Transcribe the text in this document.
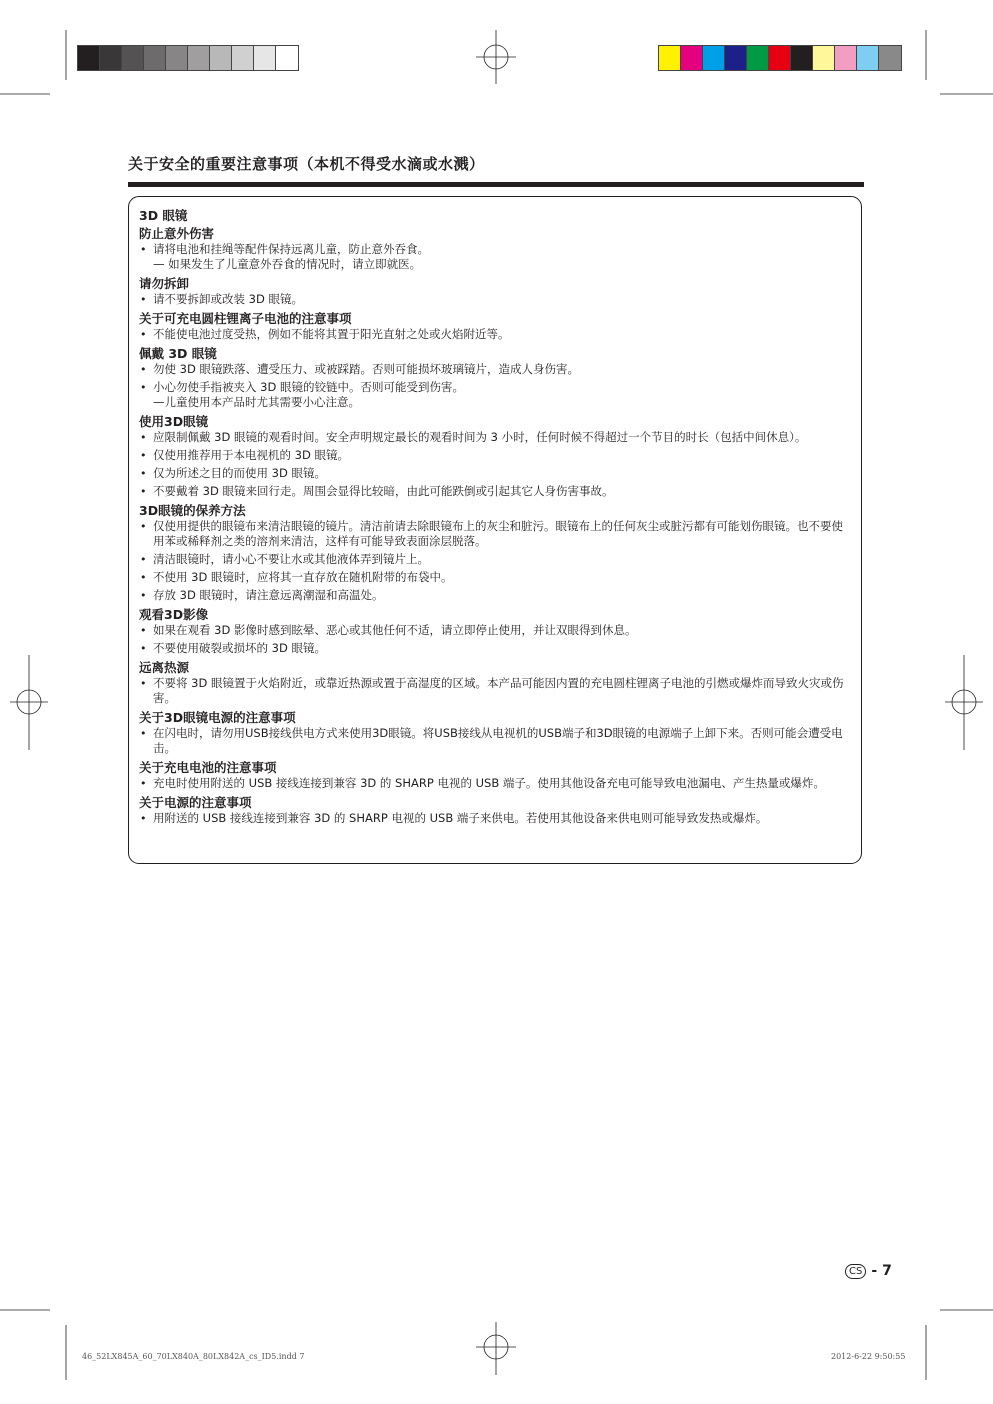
关于安全的重要注意事项（本机不得受水滴或水溅）
3D 眼镜
防止意外伤害
• 请将电池和挂绳等配件保持远离儿童，防止意外吞食。
— 如果发生了儿童意外吞食的情况时，请立即就医。
请勿拆卸
• 请不要拆卸或改装 3D 眼镜。
关于可充电圆柱锂离子电池的注意事项
• 不能使电池过度受热，例如不能将其置于阳光直射之处或火焰附近等。
佩戴 3D 眼镜
• 勿使 3D 眼镜跌落、遭受压力、或被踩踏。否则可能损坏玻璃镜片，造成人身伤害。
• 小心勿使手指被夹入 3D 眼镜的铰链中。否则可能受到伤害。
—儿童使用本产品时尤其需要小心注意。
使用3D眼镜
• 应限制佩戴 3D 眼镜的观看时间。安全声明规定最长的观看时间为 3 小时，任何时候不得超过一个节目的时长（包括中间休息）。
• 仅使用推荐用于本电视机的 3D 眼镜。
• 仅为所述之目的而使用 3D 眼镜。
• 不要戴着 3D 眼镜来回行走。周围会显得比较暗，由此可能跌倒或引起其它人身伤害事故。
3D眼镜的保养方法
• 仅使用提供的眼镜布来清洁眼镜的镜片。清洁前请去除眼镜布上的灰尘和脏污。眼镜布上的任何灰尘或脏污都有可能划伤眼镜。也不要使用苯或稀释剂之类的溶剂来清洁，这样有可能导致表面涂层脱落。
• 清洁眼镜时，请小心不要让水或其他液体弄到镜片上。
• 不使用 3D 眼镜时，应将其一直存放在随机附带的布袋中。
• 存放 3D 眼镜时，请注意远离潮湿和高温处。
观看3D影像
• 如果在观看 3D 影像时感到眩晕、恶心或其他任何不适，请立即停止使用，并让双眼得到休息。
• 不要使用破裂或损坏的 3D 眼镜。
远离热源
• 不要将 3D 眼镜置于火焰附近，或靠近热源或置于高湿度的区域。本产品可能因内置的充电圆柱锂离子电池的引燃或爆炸而导致火灾或伤害。
关于3D眼镜电源的注意事项
• 在闪电时，请勿用USB接线供电方式来使用3D眼镜。将USB接线从电视机的USB端子和3D眼镜的电源端子上卸下来。否则可能会遭受电击。
关于充电电池的注意事项
• 充电时使用附送的 USB 接线连接到兼容 3D 的 SHARP 电视的 USB 端子。使用其他设备充电可能导致电池漏电、产生热量或爆炸。
关于电源的注意事项
• 用附送的 USB 接线连接到兼容 3D 的 SHARP 电视的 USB 端子来供电。若使用其他设备来供电则可能导致发热或爆炸。
CS - 7
46_52LX845A_60_70LX840A_80LX842A_cs_ID5.indd 7	2012-6-22 9:50:55
